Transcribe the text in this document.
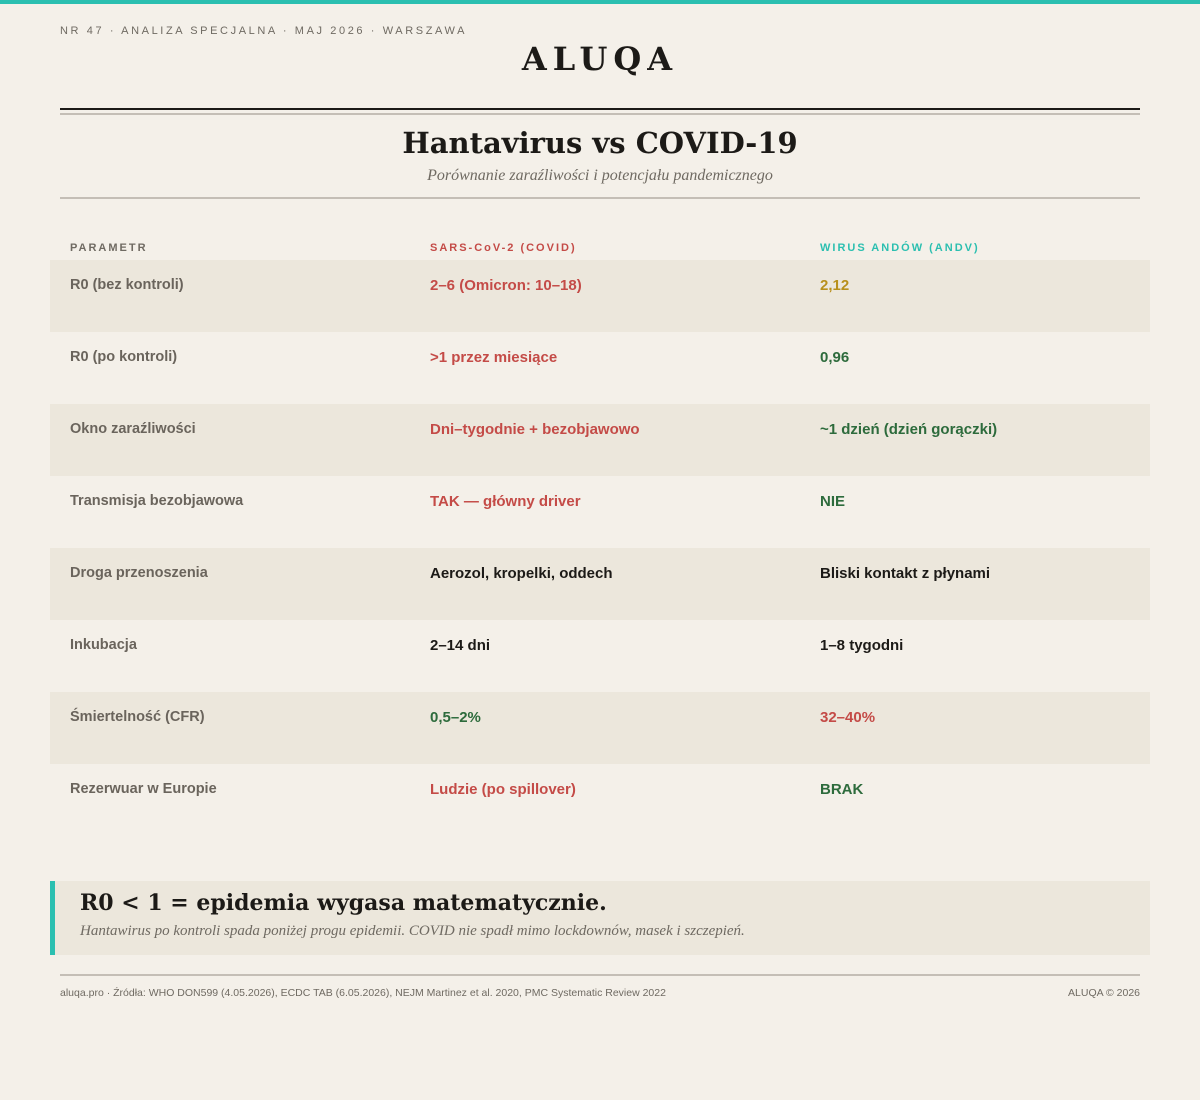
NR 47 · ANALIZA SPECJALNA · MAJ 2026 · WARSZAWA
ALUQA
Hantavirus vs COVID-19
Porównanie zaraźliwości i potencjału pandemicznego
PARAMETR	SARS-CoV-2 (COVID)	WIRUS ANDÓW (ANDV)
R0 (bez kontroli)	2–6 (Omicron: 10–18)	2,12
R0 (po kontroli)	>1 przez miesiące	0,96
Okno zaraźliwości	Dni–tygodnie + bezobjawowo	~1 dzień (dzień gorączki)
Transmisja bezobjawowa	TAK — główny driver	NIE
Droga przenoszenia	Aerozol, kropelki, oddech	Bliski kontakt z płynami
Inkubacja	2–14 dni	1–8 tygodni
Śmiertelność (CFR)	0,5–2%	32–40%
Rezerwuar w Europie	Ludzie (po spillover)	BRAK
R0 < 1 = epidemia wygasa matematycznie.
Hantawirus po kontroli spada poniżej progu epidemii. COVID nie spadł mimo lockdownów, masek i szczepień.
aluqa.pro · Źródła: WHO DON599 (4.05.2026), ECDC TAB (6.05.2026), NEJM Martinez et al. 2020, PMC Systematic Review 2022	ALUQA © 2026
